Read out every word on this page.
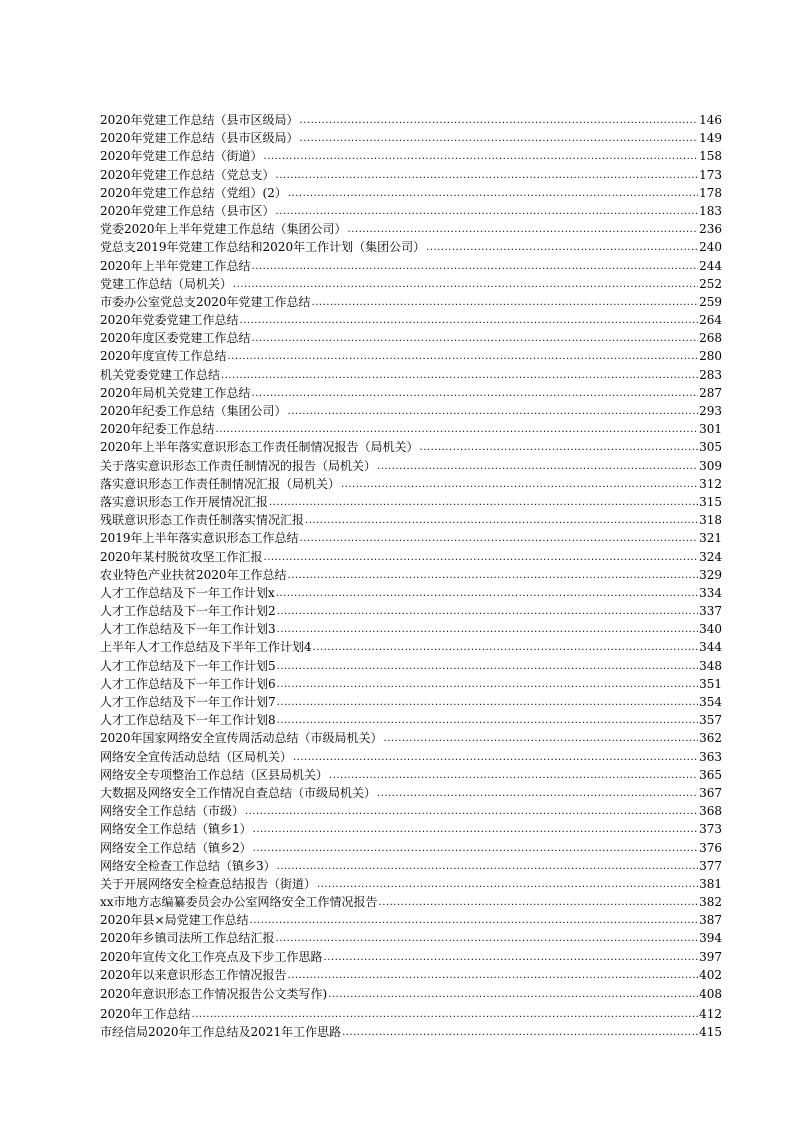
2020年党建工作总结（县市区级局） .....	146
2020年党建工作总结（县市区级局） .....	149
2020年党建工作总结（街道） .....	158
2020年党建工作总结（党总支） .....	173
2020年党建工作总结（党组）(2） .....	178
2020年党建工作总结（县市区） .....	183
党委2020年上半年党建工作总结（集团公司） .....	236
党总支2019年党建工作总结和2020年工作计划（集团公司） .....	240
2020年上半年党建工作总结 .....	244
党建工作总结（局机关） .....	252
市委办公室党总支2020年党建工作总结 .....	259
2020年党委党建工作总结 .....	264
2020年度区委党建工作总结 .....	268
2020年度宣传工作总结 .....	280
机关党委党建工作总结 .....	283
2020年局机关党建工作总结 .....	287
2020年纪委工作总结（集团公司） .....	293
2020年纪委工作总结 .....	301
2020年上半年落实意识形态工作责任制情况报告（局机关） .....	305
关于落实意识形态工作责任制情况的报告（局机关） .....	309
落实意识形态工作责任制情况汇报（局机关） .....	312
落实意识形态工作开展情况汇报 .....	315
残联意识形态工作责任制落实情况汇报 .....	318
2019年上半年落实意识形态工作总结 .....	321
2020年某村脱贫攻坚工作汇报 .....	324
农业特色产业扶贫2020年工作总结 .....	329
人才工作总结及下一年工作计划x .....	334
人才工作总结及下一年工作计划2 .....	337
人才工作总结及下一年工作计划3 .....	340
上半年人才工作总结及下半年工作计划4 .....	344
人才工作总结及下一年工作计划5 .....	348
人才工作总结及下一年工作计划6 .....	351
人才工作总结及下一年工作计划7 .....	354
人才工作总结及下一年工作计划8 .....	357
2020年国家网络安全宣传周活动总结（市级局机关） .....	362
网络安全宣传活动总结（区局机关） .....	363
网络安全专项整治工作总结（区县局机关） .....	365
大数据及网络安全工作情况自查总结（市级局机关） .....	367
网络安全工作总结（市级） .....	368
网络安全工作总结（镇乡1） .....	373
网络安全工作总结（镇乡2） .....	376
网络安全检查工作总结（镇乡3） .....	377
关于开展网络安全检查总结报告（街道） .....	381
xx市地方志编纂委员会办公室网络安全工作情况报告 .....	382
2020年县×局党建工作总结 .....	387
2020年乡镇司法所工作总结汇报 .....	394
2020年宣传文化工作亮点及下步工作思路 .....	397
2020年以来意识形态工作情况报告 .....	402
2020年意识形态工作情况报告公文类写作) .....	408
2020年工作总结 .....	412
市经信局2020年工作总结及2021年工作思路 .....	415
